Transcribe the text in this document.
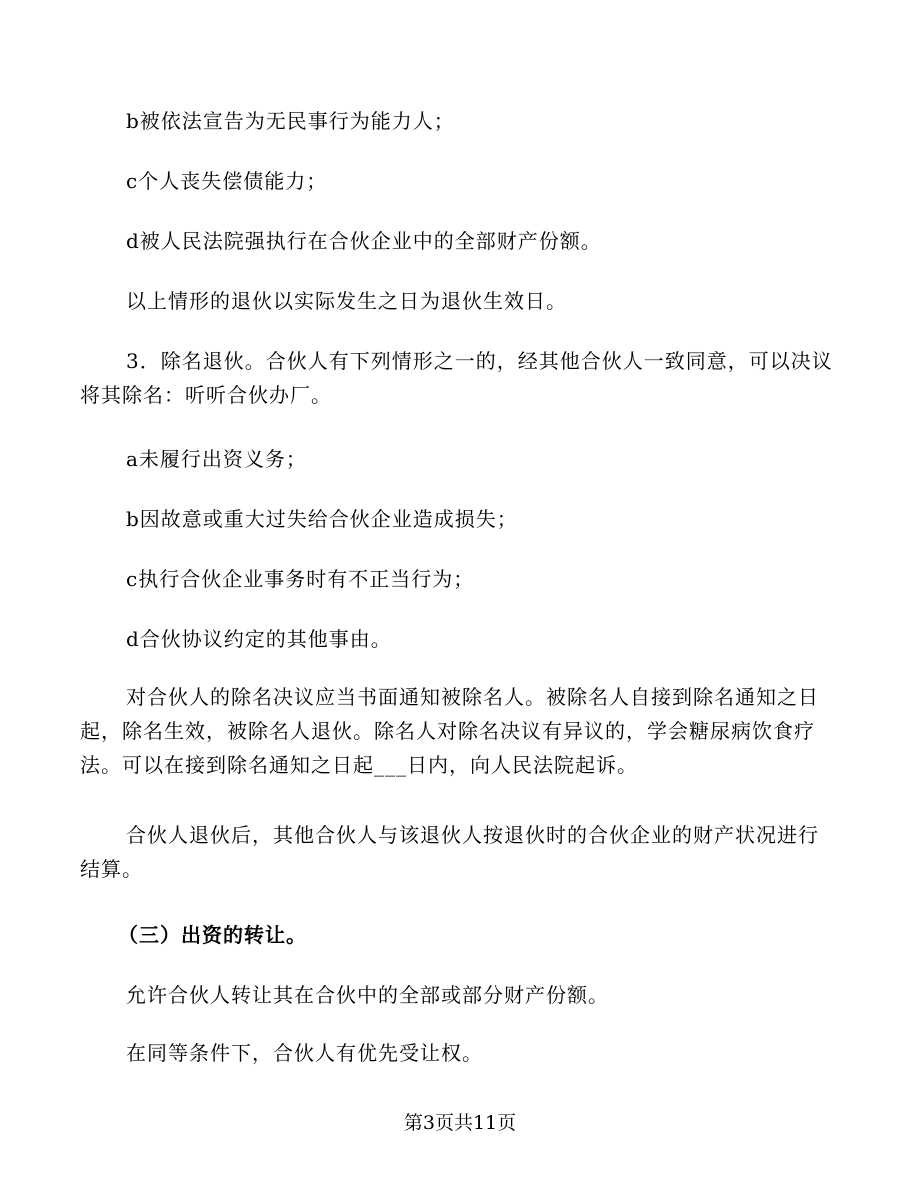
b被依法宣告为无民事行为能力人；

c个人丧失偿债能力；

d被人民法院强执行在合伙企业中的全部财产份额。

以上情形的退伙以实际发生之日为退伙生效日。

3．除名退伙。合伙人有下列情形之一的，经其他合伙人一致同意，可以决议
将其除名：听听合伙办厂。

a未履行出资义务；

b因故意或重大过失给合伙企业造成损失；

c执行合伙企业事务时有不正当行为；

d合伙协议约定的其他事由。

对合伙人的除名决议应当书面通知被除名人。被除名人自接到除名通知之日
起，除名生效，被除名人退伙。除名人对除名决议有异议的，学会糖尿病饮食疗
法。可以在接到除名通知之日起___日内，向人民法院起诉。

合伙人退伙后，其他合伙人与该退伙人按退伙时的合伙企业的财产状况进行
结算。

（三）出资的转让。

允许合伙人转让其在合伙中的全部或部分财产份额。

在同等条件下，合伙人有优先受让权。

第3页共11页
